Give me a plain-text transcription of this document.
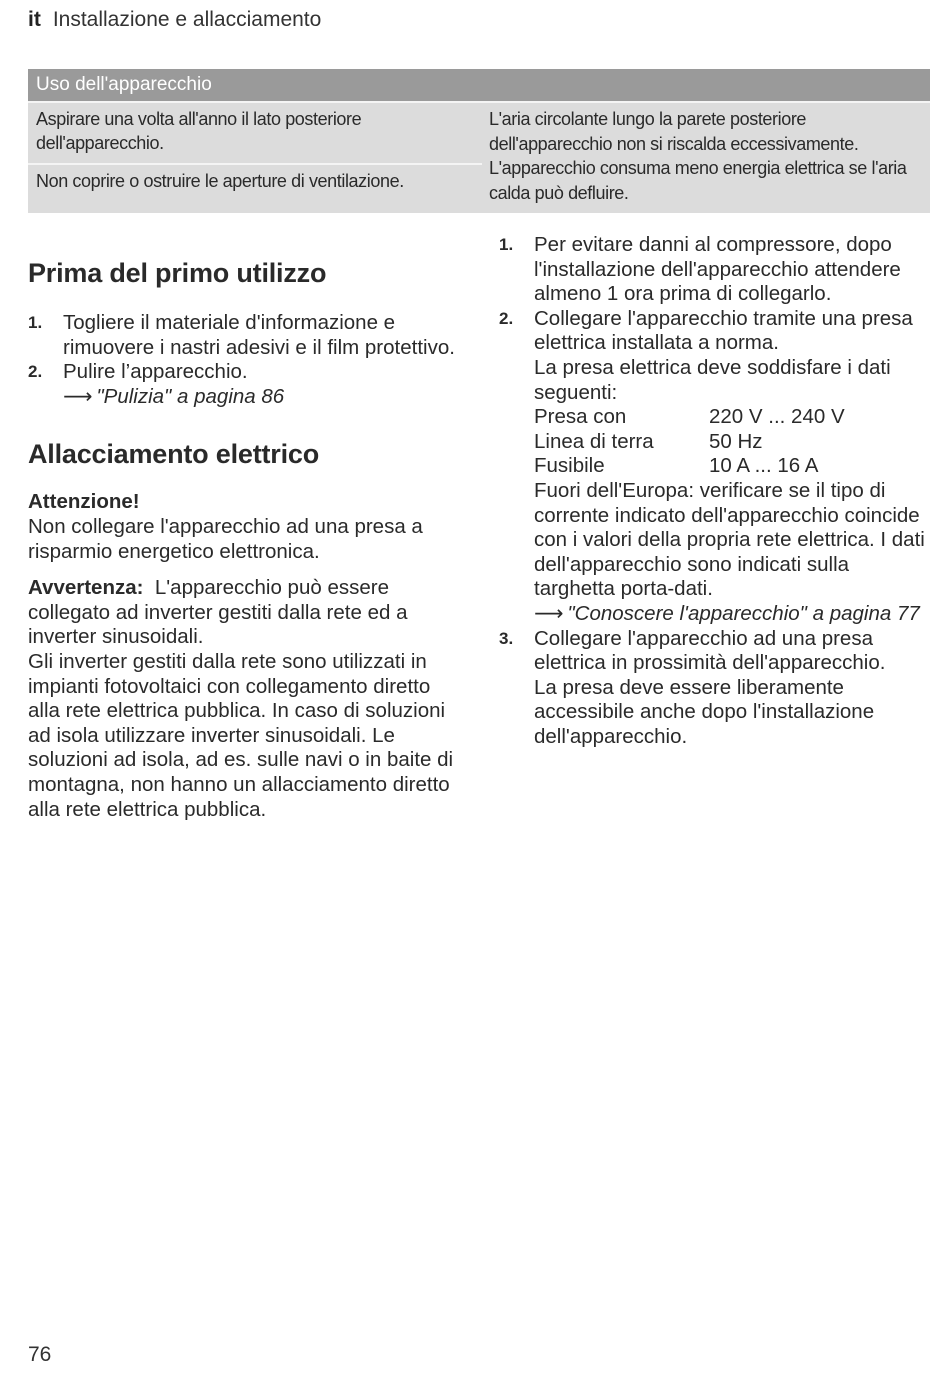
it Installazione e allacciamento
Uso dell'apparecchio
Aspirare una volta all'anno il lato posteriore dell'apparecchio.
Non coprire o ostruire le aperture di ventilazione.
L'aria circolante lungo la parete posteriore dell'apparecchio non si riscalda eccessivamente. L'apparecchio consuma meno energia elettrica se l'aria calda può defluire.
Prima del primo utilizzo
1. Togliere il materiale d'informazione e rimuovere i nastri adesivi e il film protettivo.
2. Pulire l’apparecchio.
⟶ "Pulizia" a pagina 86
Allacciamento elettrico
Attenzione!
Non collegare l'apparecchio ad una presa a risparmio energetico elettronica.
Avvertenza: L'apparecchio può essere collegato ad inverter gestiti dalla rete ed a inverter sinusoidali.
Gli inverter gestiti dalla rete sono utilizzati in impianti fotovoltaici con collegamento diretto alla rete elettrica pubblica. In caso di soluzioni ad isola utilizzare inverter sinusoidali. Le soluzioni ad isola, ad es. sulle navi o in baite di montagna, non hanno un allacciamento diretto alla rete elettrica pubblica.
1. Per evitare danni al compressore, dopo l'installazione dell'apparecchio attendere almeno 1 ora prima di collegarlo.
2. Collegare l'apparecchio tramite una presa elettrica installata a norma.
La presa elettrica deve soddisfare i dati seguenti:
Presa con	220 V ... 240 V
Linea di terra	50 Hz
Fusibile	10 A ... 16 A
Fuori dell'Europa: verificare se il tipo di corrente indicato dell'apparecchio coincide con i valori della propria rete elettrica. I dati dell'apparecchio sono indicati sulla targhetta porta-dati.
⟶ "Conoscere l'apparecchio" a pagina 77
3. Collegare l'apparecchio ad una presa elettrica in prossimità dell'apparecchio.
La presa deve essere liberamente accessibile anche dopo l'installazione dell'apparecchio.
76
